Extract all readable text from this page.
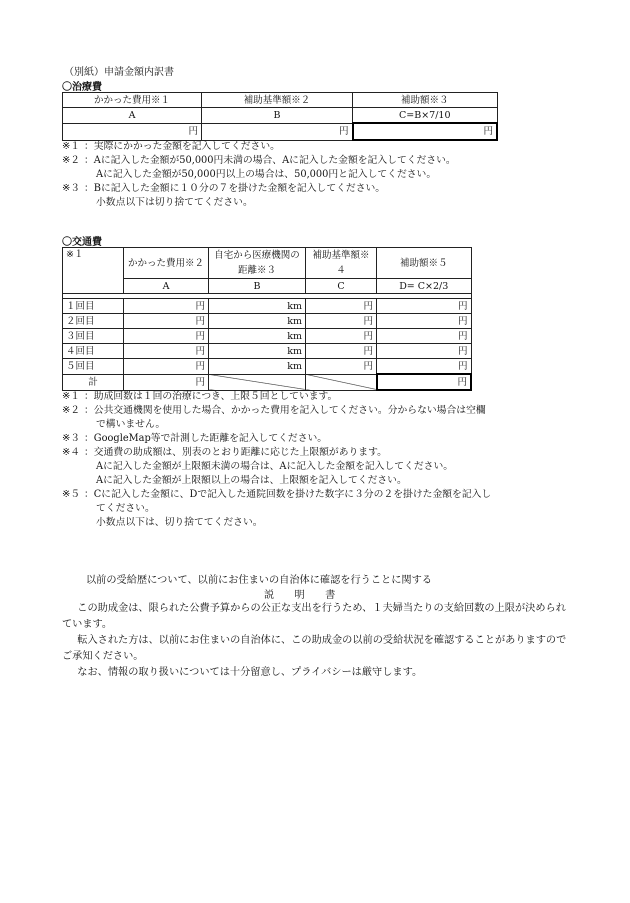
（別紙）申請金額内訳書
〇治療費
かかった費用※１	補助基準額※２	補助額※３
A	B	C=B×7/10
円	円	円
※１ ：実際にかかった金額を記入してください。
※２ ：Aに記入した金額が50,000円未満の場合、Aに記入した金額を記入してください。
Aに記入した金額が50,000円以上の場合は、50,000円と記入してください。
※３ ：Bに記入した金額に１０分の７を掛けた金額を記入してください。
小数点以下は切り捨ててください。
〇交通費
※１	かかった費用※２	自宅から医療機関の距離※３	補助基準額※４	補助額※５
	A	B	C	D= C×2/3

１回目	円	km	円	円
２回目	円	km	円	円
３回目	円	km	円	円
４回目	円	km	円	円
５回目	円	km	円	円
計	円			円
※１ ：助成回数は１回の治療につき、上限５回としています。
※２ ：公共交通機関を使用した場合、かかった費用を記入してください。分からない場合は空欄
で構いません。
※３ ：GoogleMap等で計測した距離を記入してください。
※４ ：交通費の助成額は、別表のとおり距離に応じた上限額があります。
Aに記入した金額が上限額未満の場合は、Aに記入した金額を記入してください。
Aに記入した金額が上限額以上の場合は、上限額を記入してください。
※５ ：Cに記入した金額に、Dで記入した通院回数を掛けた数字に３分の２を掛けた金額を記入し
てください。
小数点以下は、切り捨ててください。
以前の受給歴について、以前にお住まいの自治体に確認を行うことに関する
説　　明　　書
この助成金は、限られた公費予算からの公正な支出を行うため、１夫婦当たりの支給回数の上限が決められています。
転入された方は、以前にお住まいの自治体に、この助成金の以前の受給状況を確認することがありますのでご承知ください。
なお、情報の取り扱いについては十分留意し、プライバシーは厳守します。
